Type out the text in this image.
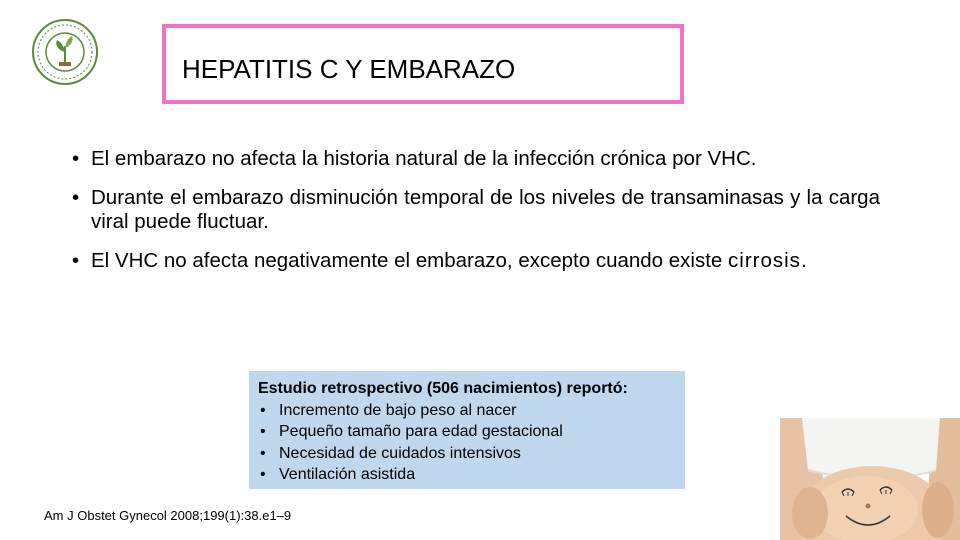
HEPATITIS C Y EMBARAZO
• El embarazo no afecta la historia natural de la infección crónica por VHC.
• Durante el embarazo disminución temporal de los niveles de transaminasas y la carga viral puede fluctuar.
• El VHC no afecta negativamente el embarazo, excepto cuando existe cirrosis.
Estudio retrospectivo (506 nacimientos) reportó:
• Incremento de bajo peso al nacer
• Pequeño tamaño para edad gestacional
• Necesidad de cuidados intensivos
• Ventilación asistida
Am J Obstet Gynecol 2008;199(1):38.e1–9
